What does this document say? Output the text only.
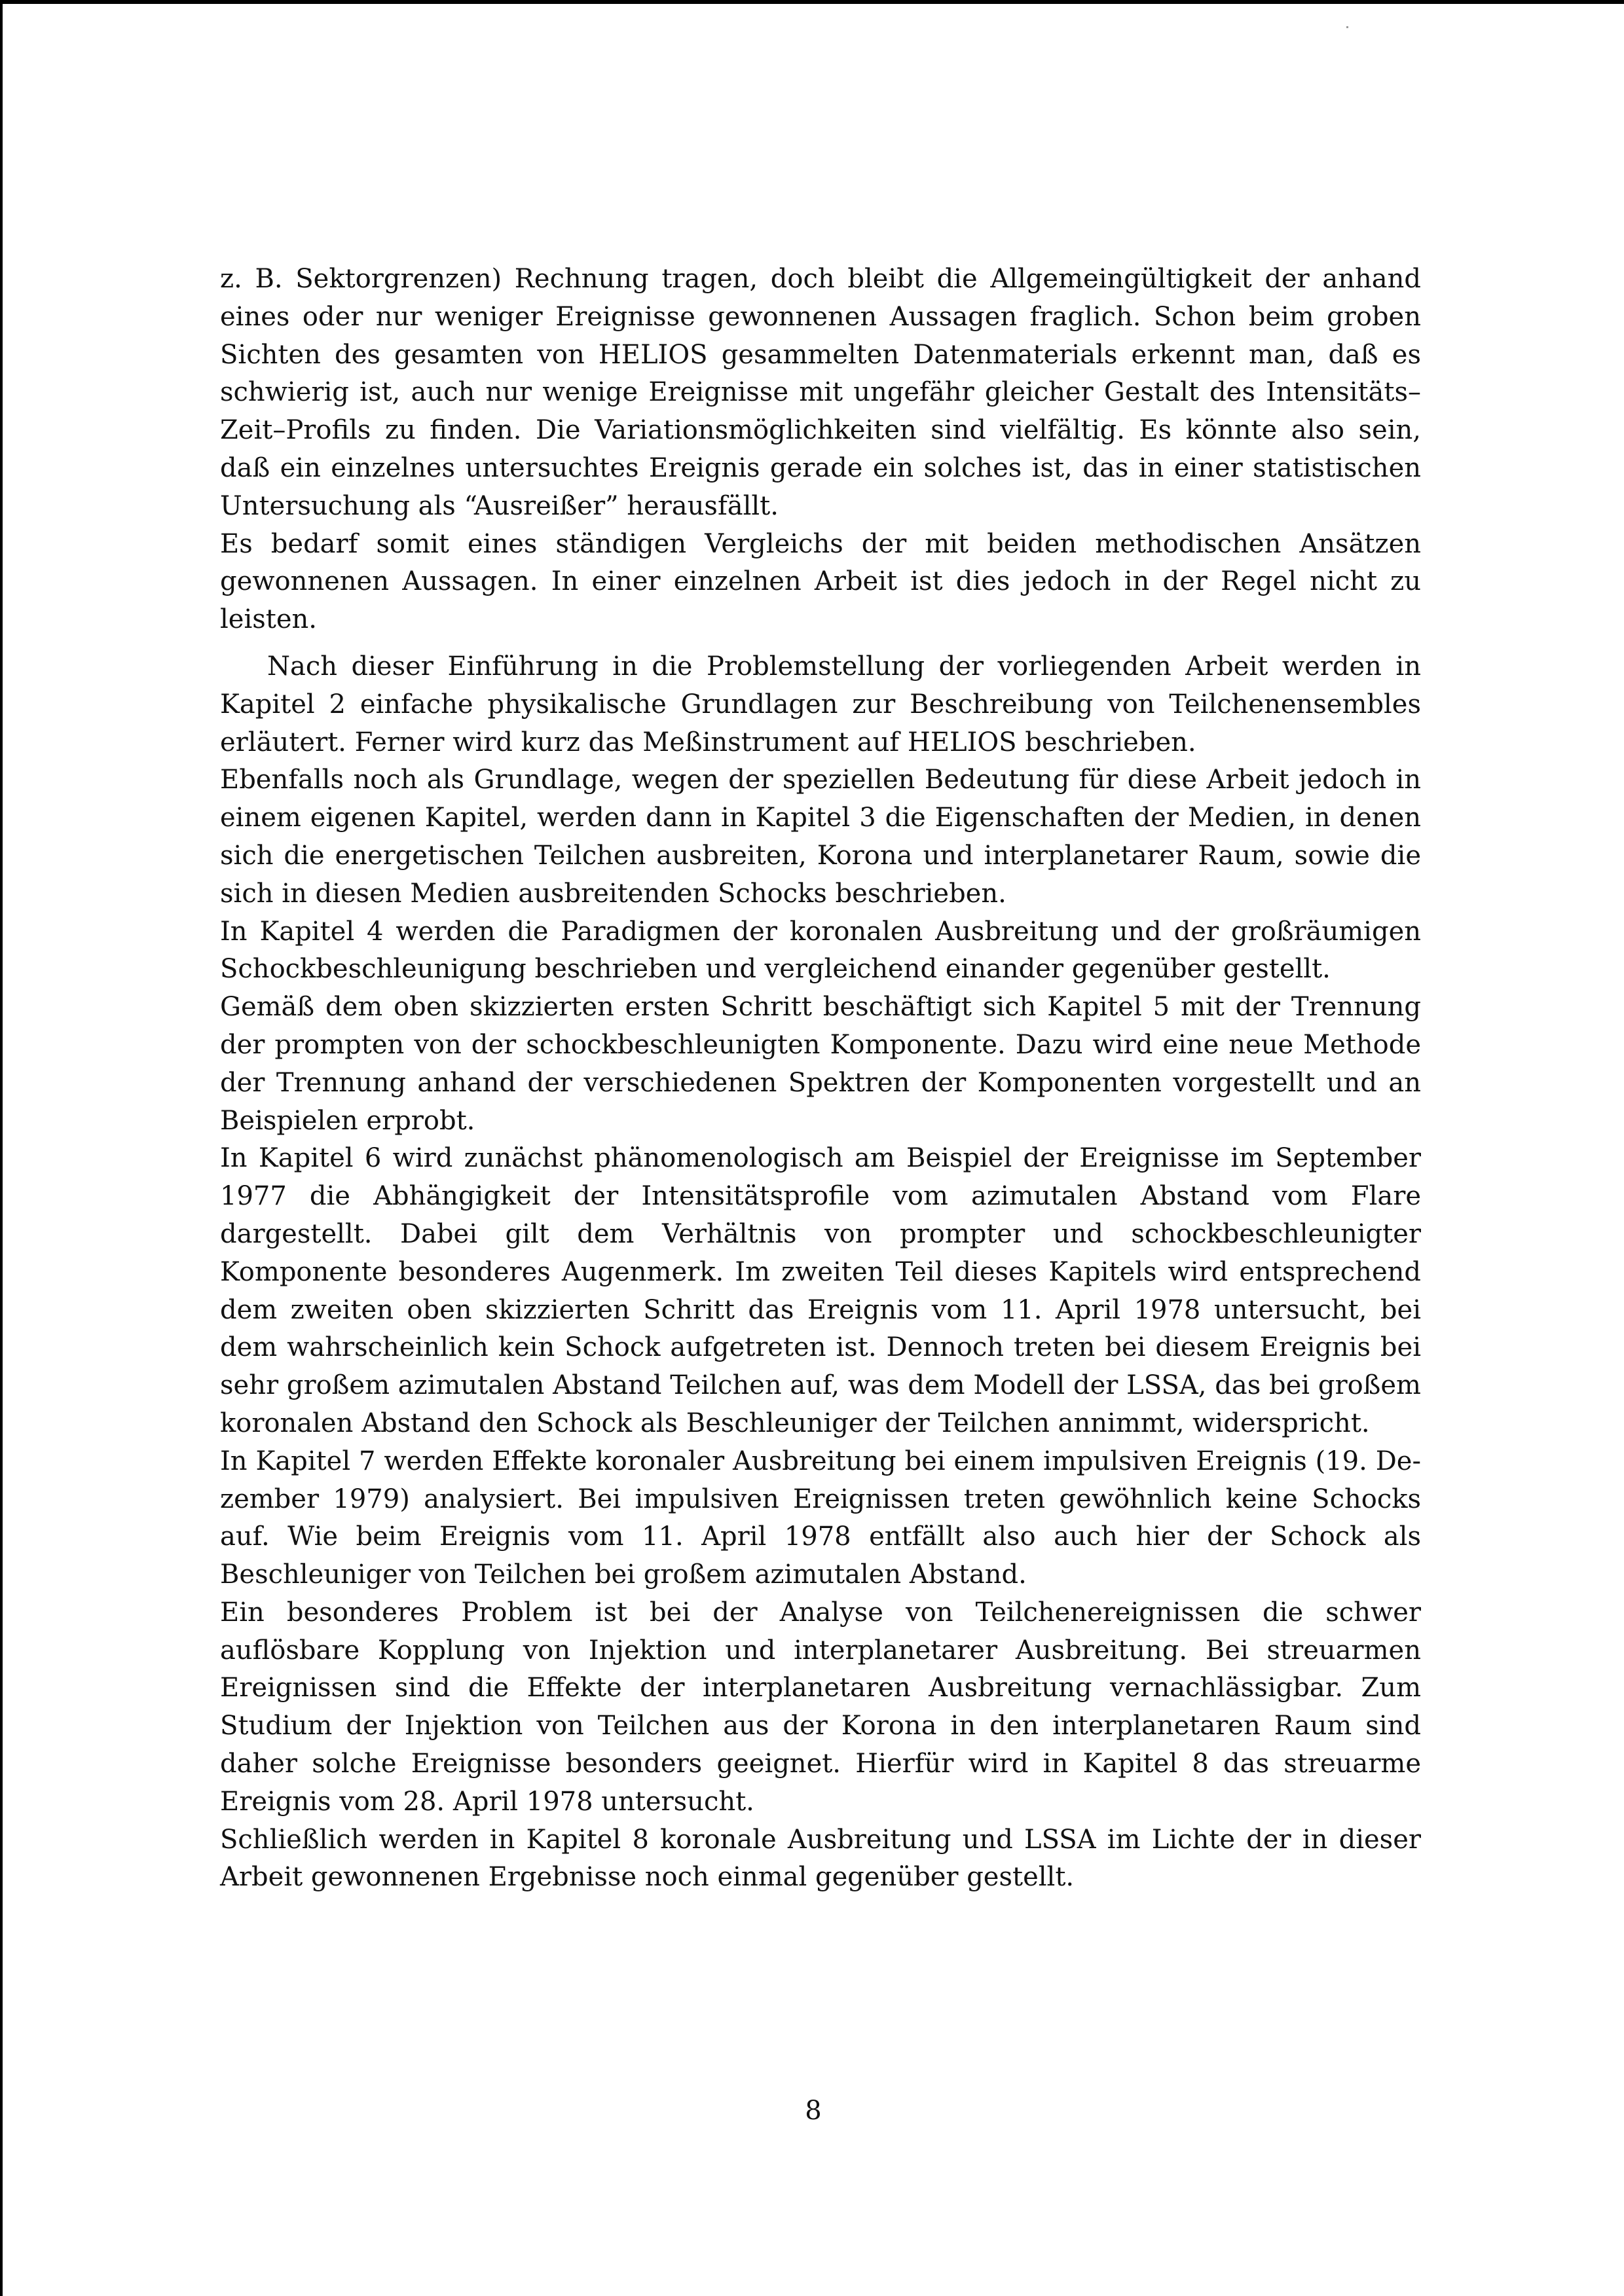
z. B. Sektorgrenzen) Rechnung tragen, doch bleibt die Allgemeingültigkeit der anhand eines oder nur weniger Ereignisse gewonnenen Aussagen fraglich. Schon beim groben Sichten des gesamten von HELIOS gesammelten Datenmaterials erkennt man, daß es schwierig ist, auch nur wenige Ereignisse mit ungefähr gleicher Gestalt des Intensitäts–Zeit–Profils zu finden. Die Variationsmöglichkeiten sind vielfältig. Es könnte also sein, daß ein einzelnes untersuchtes Ereignis gerade ein solches ist, das in einer statistischen Untersuchung als “Ausreißer” herausfällt.

Es bedarf somit eines ständigen Vergleichs der mit beiden methodischen Ansätzen gewonnenen Aussagen. In einer einzelnen Arbeit ist dies jedoch in der Regel nicht zu leisten.

Nach dieser Einführung in die Problemstellung der vorliegenden Arbeit werden in Kapitel 2 einfache physikalische Grundlagen zur Beschreibung von Teilchenensembles erläutert. Ferner wird kurz das Meßinstrument auf HELIOS beschrieben.

Ebenfalls noch als Grundlage, wegen der speziellen Bedeutung für diese Arbeit jedoch in einem eigenen Kapitel, werden dann in Kapitel 3 die Eigenschaften der Medien, in denen sich die energetischen Teilchen ausbreiten, Korona und interplanetarer Raum, sowie die sich in diesen Medien ausbreitenden Schocks beschrieben.

In Kapitel 4 werden die Paradigmen der koronalen Ausbreitung und der großräumigen Schockbeschleunigung beschrieben und vergleichend einander gegenüber gestellt.

Gemäß dem oben skizzierten ersten Schritt beschäftigt sich Kapitel 5 mit der Trennung der prompten von der schockbeschleunigten Komponente. Dazu wird eine neue Methode der Trennung anhand der verschiedenen Spektren der Komponenten vorgestellt und an Beispielen erprobt.

In Kapitel 6 wird zunächst phänomenologisch am Beispiel der Ereignisse im September 1977 die Abhängigkeit der Intensitätsprofile vom azimutalen Abstand vom Flare dargestellt. Dabei gilt dem Verhältnis von prompter und schockbeschleunigter Komponente besonderes Augenmerk. Im zweiten Teil dieses Kapitels wird entsprechend dem zweiten oben skizzierten Schritt das Ereignis vom 11. April 1978 untersucht, bei dem wahrscheinlich kein Schock aufgetreten ist. Dennoch treten bei diesem Ereignis bei sehr großem azimutalen Abstand Teilchen auf, was dem Modell der LSSA, das bei großem koronalen Abstand den Schock als Beschleuniger der Teilchen annimmt, widerspricht.

In Kapitel 7 werden Effekte koronaler Ausbreitung bei einem impulsiven Ereignis (19. Dezember 1979) analysiert. Bei impulsiven Ereignissen treten gewöhnlich keine Schocks auf. Wie beim Ereignis vom 11. April 1978 entfällt also auch hier der Schock als Beschleuniger von Teilchen bei großem azimutalen Abstand.

Ein besonderes Problem ist bei der Analyse von Teilchenereignissen die schwer auflösbare Kopplung von Injektion und interplanetarer Ausbreitung. Bei streuarmen Ereignissen sind die Effekte der interplanetaren Ausbreitung vernachlässigbar. Zum Studium der Injektion von Teilchen aus der Korona in den interplanetaren Raum sind daher solche Ereignisse besonders geeignet. Hierfür wird in Kapitel 8 das streuarme Ereignis vom 28. April 1978 untersucht.

Schließlich werden in Kapitel 8 koronale Ausbreitung und LSSA im Lichte der in dieser Arbeit gewonnenen Ergebnisse noch einmal gegenüber gestellt.

8
